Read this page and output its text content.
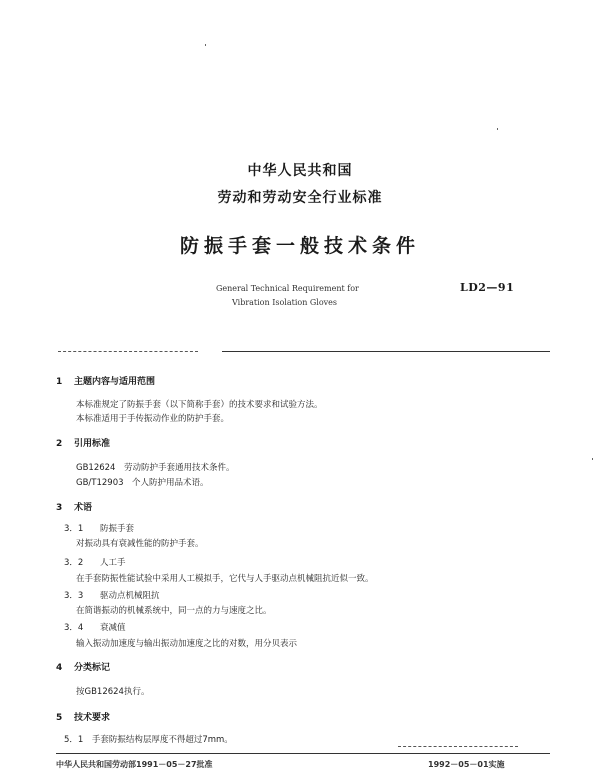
中华人民共和国
劳动和劳动安全行业标准
防振手套一般技术条件
General Technical Requirement for
Vibration Isolation Gloves
LD2—91
1 主题内容与适用范围
本标准规定了防振手套（以下简称手套）的技术要求和试验方法。
本标准适用于手传振动作业的防护手套。
2 引用标准
GB12624　劳动防护手套通用技术条件。
GB/T12903　个人防护用品术语。
3 术语
3．1 防振手套
对振动具有衰减性能的防护手套。
3．2 人工手
在手套防振性能试验中采用人工模拟手，它代与人手驱动点机械阻抗近似一致。
3．3 驱动点机械阻抗
在简谐振动的机械系统中，同一点的力与速度之比。
3．4 衰减值
输入振动加速度与输出振动加速度之比的对数，用分贝表示
4 分类标记
按GB12624执行。
5 技术要求
5．1　手套防振结构层厚度不得超过7mm。
中华人民共和国劳动部1991－05－27批准	1992－05－01实施
